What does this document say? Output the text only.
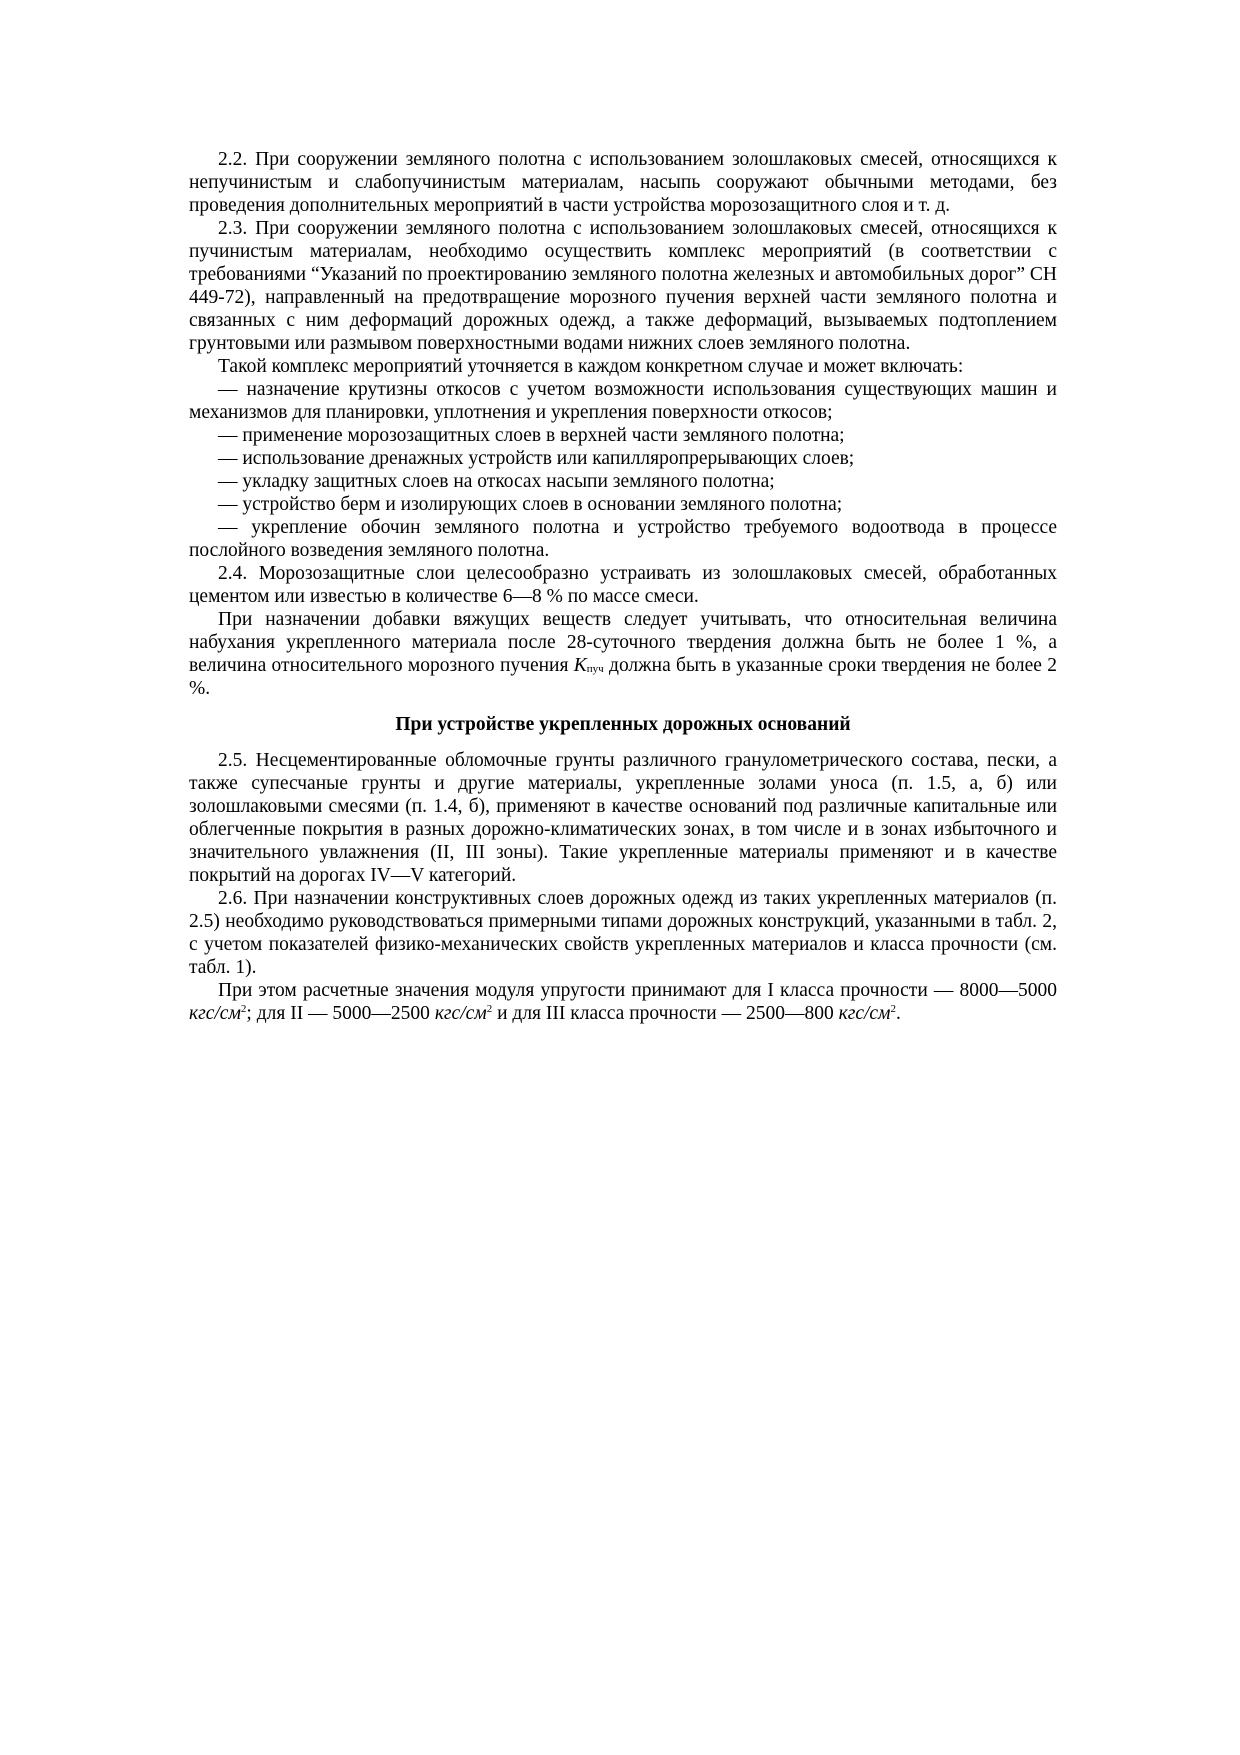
2.2. При сооружении земляного полотна с использованием золошлаковых смесей, относящихся к непучинистым и слабопучинистым материалам, насыпь сооружают обычными методами, без проведения дополнительных мероприятий в части устройства морозозащитного слоя и т. д.

2.3. При сооружении земляного полотна с использованием золошлаковых смесей, относящихся к пучинистым материалам, необходимо осуществить комплекс мероприятий (в соответствии с требованиями “Указаний по проектированию земляного полотна железных и автомобильных дорог” СН 449-72), направленный на предотвращение морозного пучения верхней части земляного полотна и связанных с ним деформаций дорожных одежд, а также деформаций, вызываемых подтоплением грунтовыми или размывом поверхностными водами нижних слоев земляного полотна.

Такой комплекс мероприятий уточняется в каждом конкретном случае и может включать:

— назначение крутизны откосов с учетом возможности использования существующих машин и механизмов для планировки, уплотнения и укрепления поверхности откосов;

— применение морозозащитных слоев в верхней части земляного полотна;

— использование дренажных устройств или капилляропрерывающих слоев;

— укладку защитных слоев на откосах насыпи земляного полотна;

— устройство берм и изолирующих слоев в основании земляного полотна;

— укрепление обочин земляного полотна и устройство требуемого водоотвода в процессе послойного возведения земляного полотна.

2.4. Морозозащитные слои целесообразно устраивать из золошлаковых смесей, обработанных цементом или известью в количестве 6—8 % по массе смеси.

При назначении добавки вяжущих веществ следует учитывать, что относительная величина набухания укрепленного материала после 28-суточного твердения должна быть не более 1 %, а величина относительного морозного пучения Kпуч должна быть в указанные сроки твердения не более 2 %.

При устройстве укрепленных дорожных оснований

2.5. Несцементированные обломочные грунты различного гранулометрического состава, пески, а также супесчаные грунты и другие материалы, укрепленные золами уноса (п. 1.5, а, б) или золошлаковыми смесями (п. 1.4, б), применяют в качестве оснований под различные капитальные или облегченные покрытия в разных дорожно-климатических зонах, в том числе и в зонах избыточного и значительного увлажнения (II, III зоны). Такие укрепленные материалы применяют и в качестве покрытий на дорогах IV—V категорий.

2.6. При назначении конструктивных слоев дорожных одежд из таких укрепленных материалов (п. 2.5) необходимо руководствоваться примерными типами дорожных конструкций, указанными в табл. 2, с учетом показателей физико-механических свойств укрепленных материалов и класса прочности (см. табл. 1).

При этом расчетные значения модуля упругости принимают для I класса прочности — 8000—5000 кгс/$см^2$; для II — 5000—2500 кгс/$см^2$ и для III класса прочности — 2500—800 кгс/$см^2$.
